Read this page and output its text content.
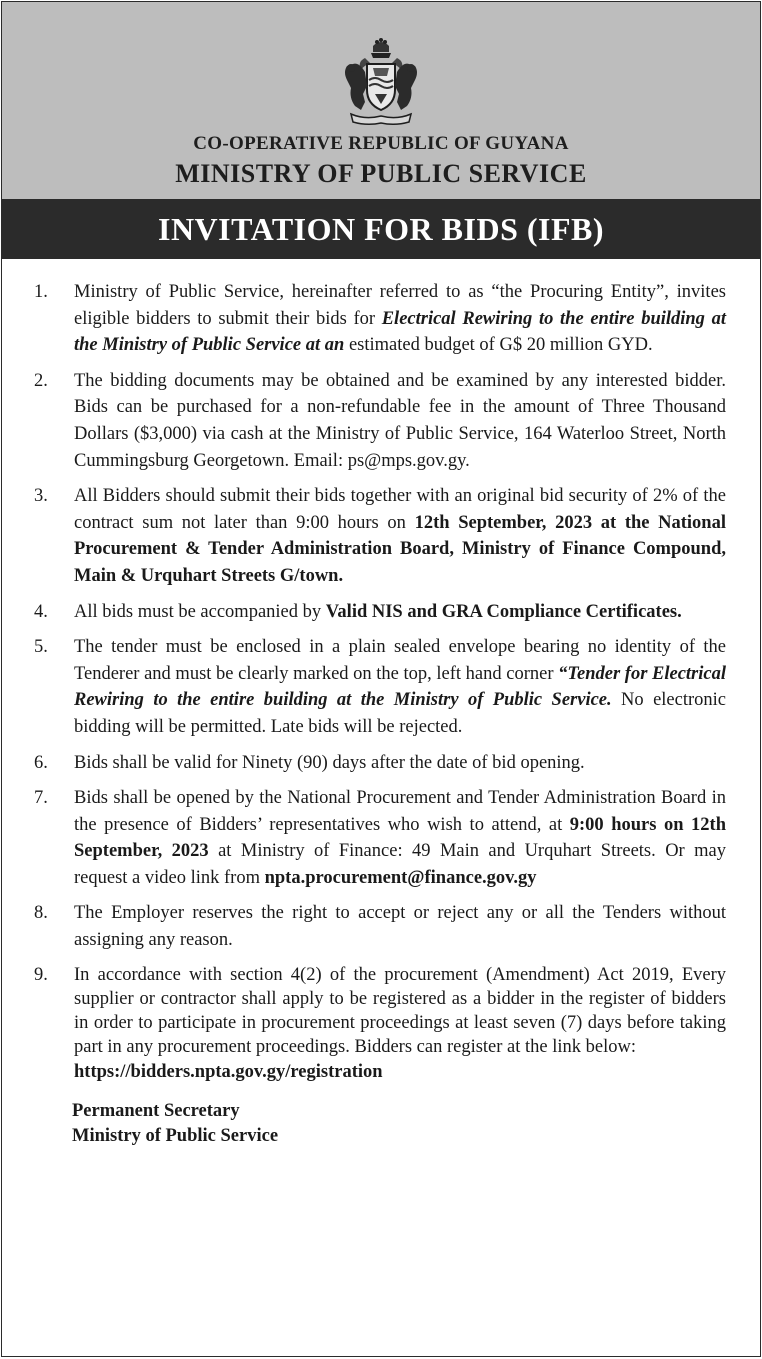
CO-OPERATIVE REPUBLIC OF GUYANA
MINISTRY OF PUBLIC SERVICE
INVITATION FOR BIDS (IFB)
1.	Ministry of Public Service, hereinafter referred to as “the Procuring Entity”, invites eligible bidders to submit their bids for Electrical Rewiring to the entire building at the Ministry of Public Service at an estimated budget of G$ 20 million GYD.
2.	The bidding documents may be obtained and be examined by any interested bidder. Bids can be purchased for a non-refundable fee in the amount of Three Thousand Dollars ($3,000) via cash at the Ministry of Public Service, 164 Waterloo Street, North Cummingsburg Georgetown. Email: ps@mps.gov.gy.
3.	All Bidders should submit their bids together with an original bid security of 2% of the contract sum not later than 9:00 hours on 12th September, 2023 at the National Procurement & Tender Administration Board, Ministry of Finance Compound, Main & Urquhart Streets G/town.
4.	All bids must be accompanied by Valid NIS and GRA Compliance Certificates.
5.	The tender must be enclosed in a plain sealed envelope bearing no identity of the Tenderer and must be clearly marked on the top, left hand corner “Tender for Electrical Rewiring to the entire building at the Ministry of Public Service. No electronic bidding will be permitted. Late bids will be rejected.
6.	Bids shall be valid for Ninety (90) days after the date of bid opening.
7.	Bids shall be opened by the National Procurement and Tender Administration Board in the presence of Bidders’ representatives who wish to attend, at 9:00 hours on 12th September, 2023 at Ministry of Finance: 49 Main and Urquhart Streets. Or may request a video link from npta.procurement@finance.gov.gy
8.	The Employer reserves the right to accept or reject any or all the Tenders without assigning any reason.
9.	In accordance with section 4(2) of the procurement (Amendment) Act 2019, Every supplier or contractor shall apply to be registered as a bidder in the register of bidders in order to participate in procurement proceedings at least seven (7) days before taking part in any procurement proceedings. Bidders can register at the link below:
https://bidders.npta.gov.gy/registration
Permanent Secretary
Ministry of Public Service
